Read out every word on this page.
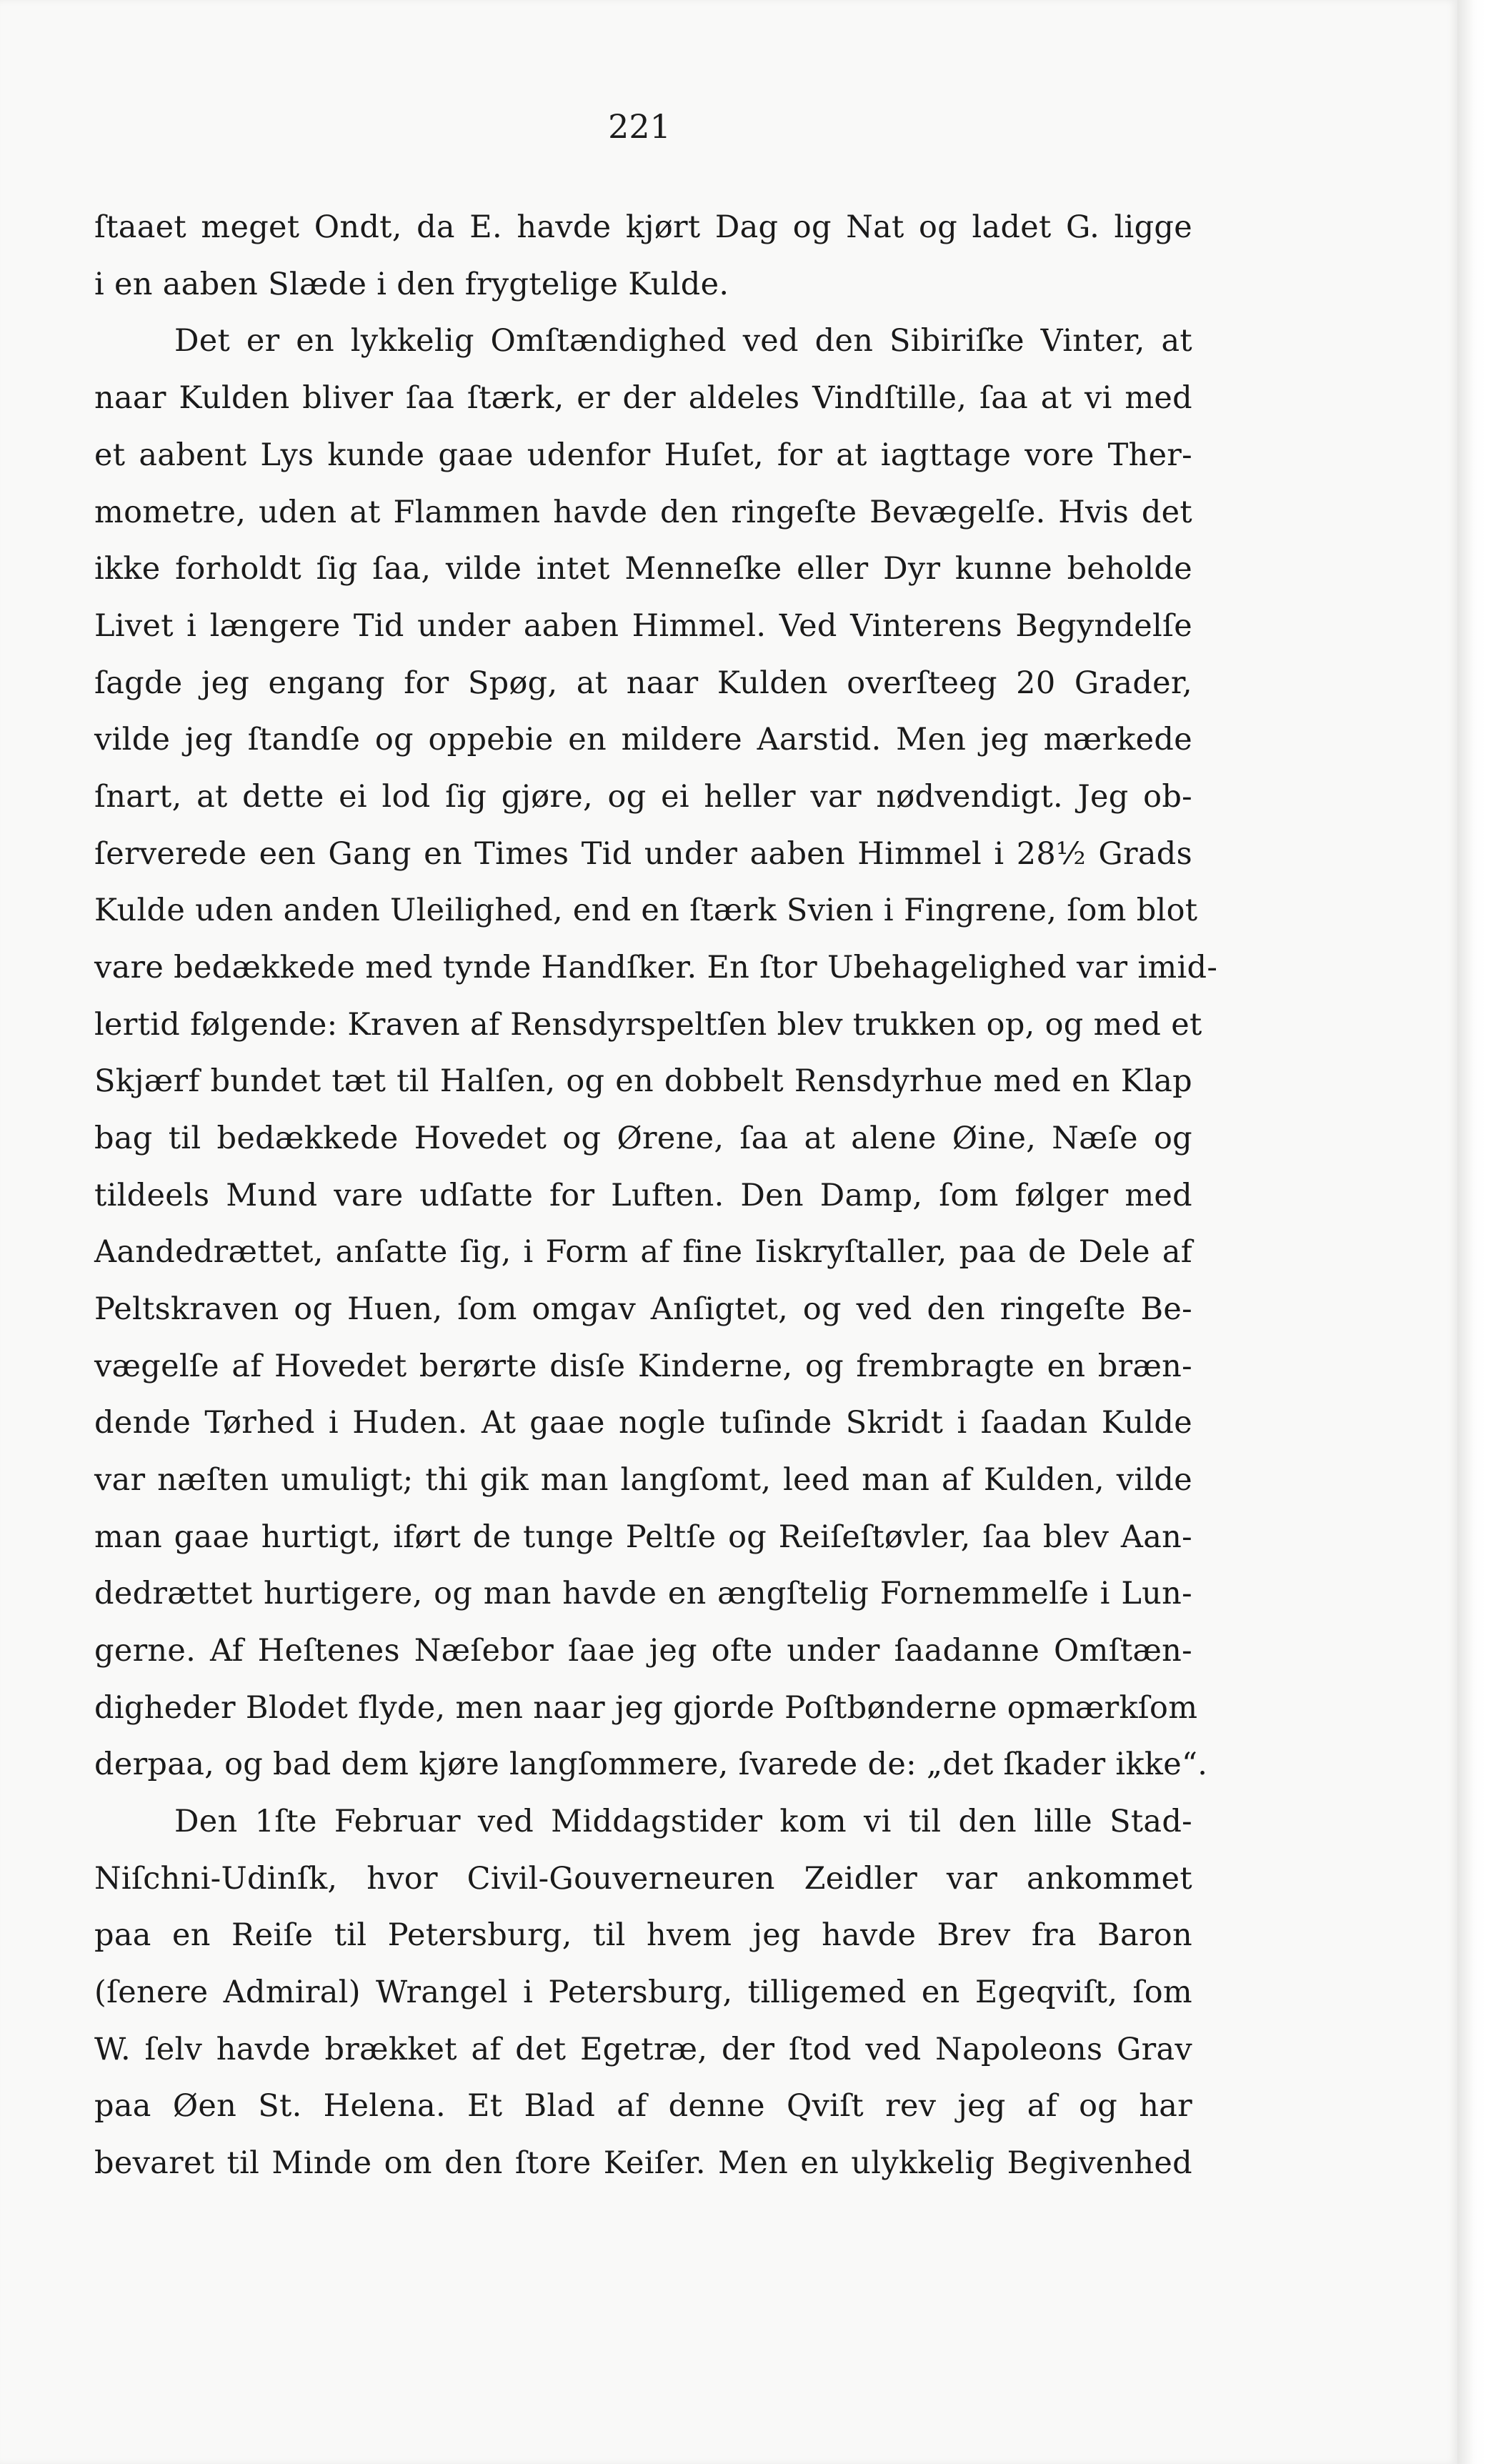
221

ſtaaet meget Ondt, da E. havde kjørt Dag og Nat og ladet G. ligge

i en aaben Slæde i den frygtelige Kulde.

Det er en lykkelig Omſtændighed ved den Sibiriſke Vinter, at

naar Kulden bliver ſaa ſtærk, er der aldeles Vindſtille, ſaa at vi med

et aabent Lys kunde gaae udenfor Huſet, for at iagttage vore Ther-

mometre, uden at Flammen havde den ringeſte Bevægelſe. Hvis det

ikke forholdt ſig ſaa, vilde intet Menneſke eller Dyr kunne beholde

Livet i længere Tid under aaben Himmel. Ved Vinterens Begyndelſe

ſagde jeg engang for Spøg, at naar Kulden overſteeg 20 Grader,

vilde jeg ſtandſe og oppebie en mildere Aarstid. Men jeg mærkede

ſnart, at dette ei lod ſig gjøre, og ei heller var nødvendigt. Jeg ob-

ſerverede een Gang en Times Tid under aaben Himmel i 28½ Grads

Kulde uden anden Uleilighed, end en ſtærk Svien i Fingrene, ſom blot

vare bedækkede med tynde Handſker. En ſtor Ubehagelighed var imid-

lertid følgende: Kraven af Rensdyrspeltſen blev trukken op, og med et

Skjærf bundet tæt til Halſen, og en dobbelt Rensdyrhue med en Klap

bag til bedækkede Hovedet og Ørene, ſaa at alene Øine, Næſe og

tildeels Mund vare udſatte for Luften. Den Damp, ſom følger med

Aandedrættet, anſatte ſig, i Form af fine Iiskryſtaller, paa de Dele af

Peltskraven og Huen, ſom omgav Anſigtet, og ved den ringeſte Be-

vægelſe af Hovedet berørte disſe Kinderne, og frembragte en bræn-

dende Tørhed i Huden. At gaae nogle tuſinde Skridt i ſaadan Kulde

var næſten umuligt; thi gik man langſomt, leed man af Kulden, vilde

man gaae hurtigt, iført de tunge Peltſe og Reiſeſtøvler, ſaa blev Aan-

dedrættet hurtigere, og man havde en ængſtelig Fornemmelſe i Lun-

gerne. Af Heſtenes Næſebor ſaae jeg ofte under ſaadanne Omſtæn-

digheder Blodet flyde, men naar jeg gjorde Poſtbønderne opmærkſom

derpaa, og bad dem kjøre langſommere, ſvarede de: „det ſkader ikke“.

Den 1ſte Februar ved Middagstider kom vi til den lille Stad-

Niſchni-Udinſk, hvor Civil-Gouverneuren Zeidler var ankommet

paa en Reiſe til Petersburg, til hvem jeg havde Brev fra Baron

(ſenere Admiral) Wrangel i Petersburg, tilligemed en Egeqviſt, ſom

W. ſelv havde brækket af det Egetræ, der ſtod ved Napoleons Grav

paa Øen St. Helena. Et Blad af denne Qviſt rev jeg af og har

bevaret til Minde om den ſtore Keiſer. Men en ulykkelig Begivenhed
